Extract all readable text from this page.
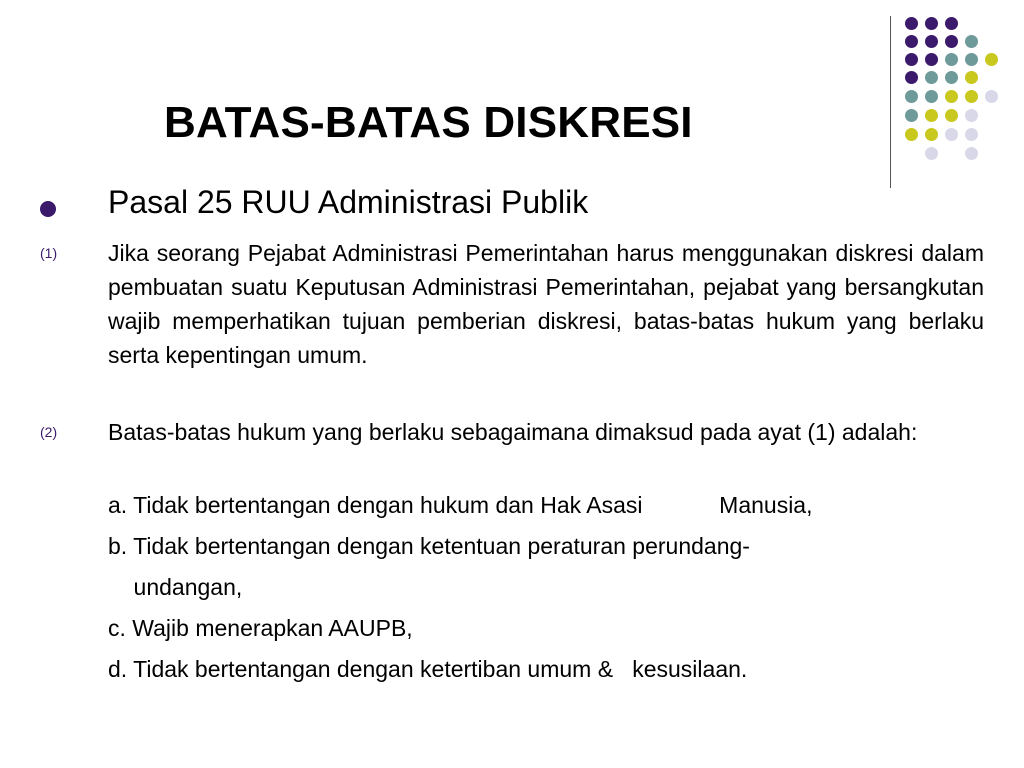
BATAS-BATAS DISKRESI
Pasal 25 RUU Administrasi Publik
(1) Jika seorang Pejabat Administrasi Pemerintahan harus menggunakan diskresi dalam pembuatan suatu Keputusan Administrasi Pemerintahan, pejabat yang bersangkutan wajib memperhatikan tujuan pemberian diskresi, batas-batas hukum yang berlaku serta kepentingan umum.
(2) Batas-batas hukum yang berlaku sebagaimana dimaksud pada ayat (1) adalah:
a. Tidak bertentangan dengan hukum dan Hak Asasi            Manusia,
b. Tidak bertentangan dengan ketentuan peraturan perundang-
undangan,
c. Wajib menerapkan AAUPB,
d. Tidak bertentangan dengan ketertiban umum &   kesusilaan.
